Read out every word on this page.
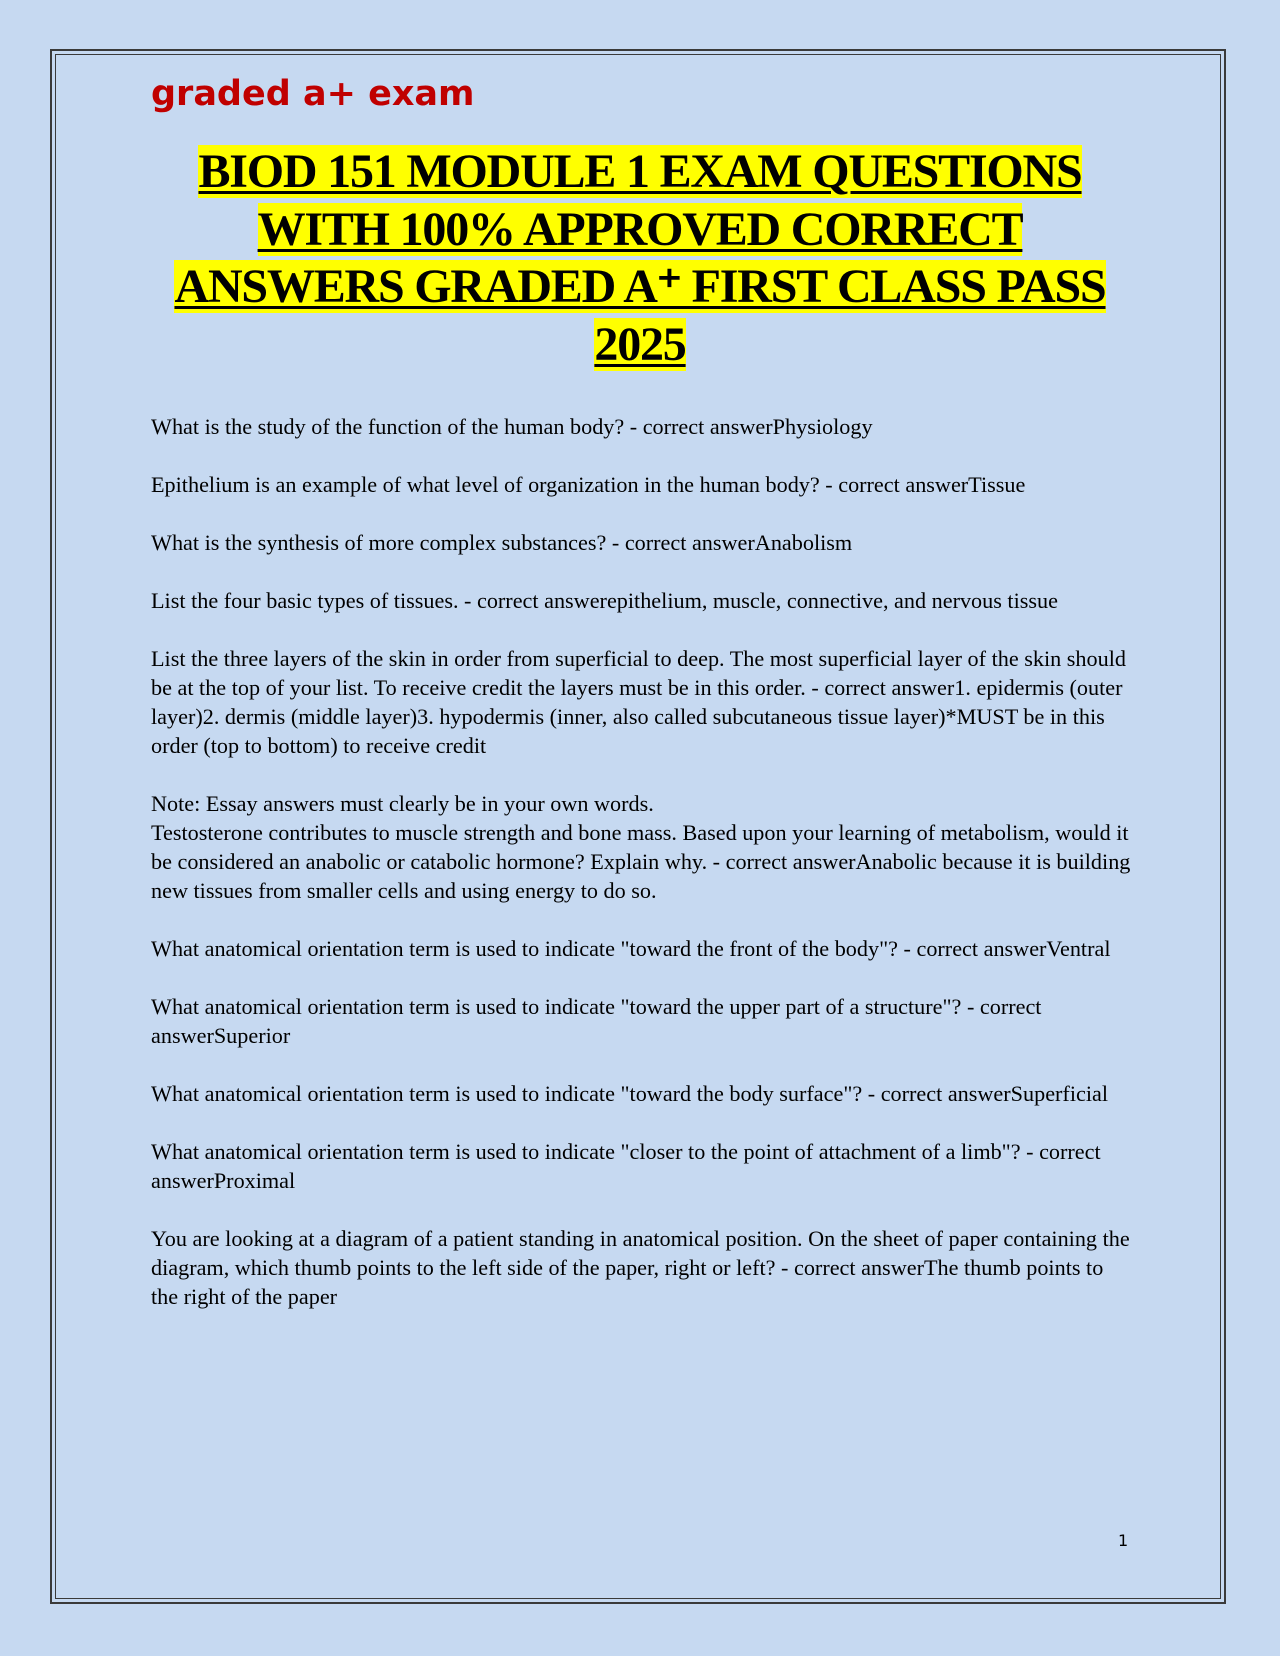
graded a+ exam

BIOD 151 MODULE 1 EXAM QUESTIONS
WITH 100% APPROVED CORRECT
ANSWERS GRADED A⁺ FIRST CLASS PASS
2025

What is the study of the function of the human body? - correct answerPhysiology

Epithelium is an example of what level of organization in the human body? - correct answerTissue

What is the synthesis of more complex substances? - correct answerAnabolism

List the four basic types of tissues. - correct answerepithelium, muscle, connective, and nervous tissue

List the three layers of the skin in order from superficial to deep. The most superficial layer of the skin should be at the top of your list. To receive credit the layers must be in this order. - correct answer1. epidermis (outer layer)2. dermis (middle layer)3. hypodermis (inner, also called subcutaneous tissue layer)*MUST be in this order (top to bottom) to receive credit

Note: Essay answers must clearly be in your own words.
Testosterone contributes to muscle strength and bone mass. Based upon your learning of metabolism, would it be considered an anabolic or catabolic hormone? Explain why. - correct answerAnabolic because it is building new tissues from smaller cells and using energy to do so.

What anatomical orientation term is used to indicate "toward the front of the body"? - correct answerVentral

What anatomical orientation term is used to indicate "toward the upper part of a structure"? - correct answerSuperior

What anatomical orientation term is used to indicate "toward the body surface"? - correct answerSuperficial

What anatomical orientation term is used to indicate "closer to the point of attachment of a limb"? - correct answerProximal

You are looking at a diagram of a patient standing in anatomical position. On the sheet of paper containing the diagram, which thumb points to the left side of the paper, right or left? - correct answerThe thumb points to the right of the paper

1
